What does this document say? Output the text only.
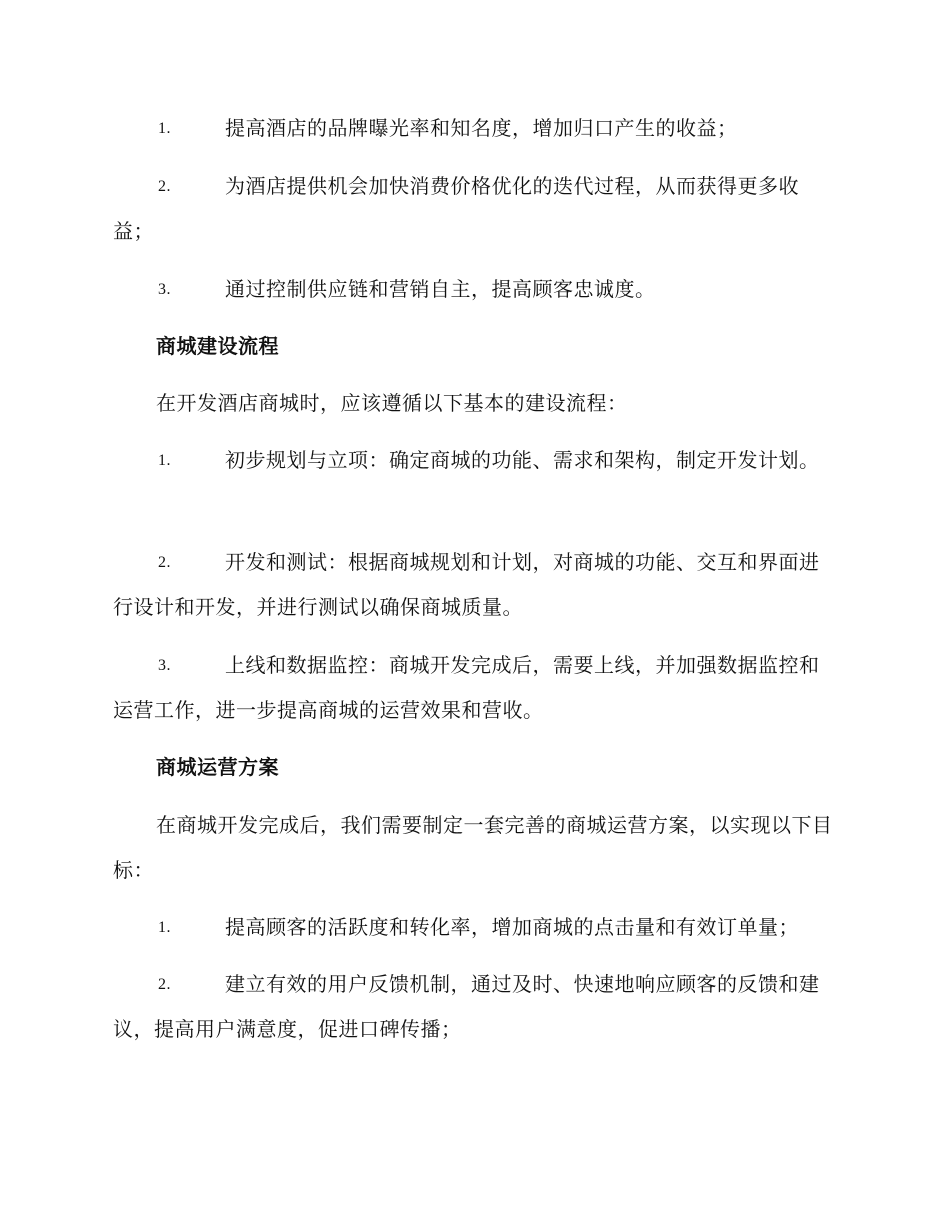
1.	提高酒店的品牌曝光率和知名度，增加归口产生的收益；
2.	为酒店提供机会加快消费价格优化的迭代过程，从而获得更多收益；
3.	通过控制供应链和营销自主，提高顾客忠诚度。
商城建设流程
在开发酒店商城时，应该遵循以下基本的建设流程：
1.	初步规划与立项：确定商城的功能、需求和架构，制定开发计划。
2.	开发和测试：根据商城规划和计划，对商城的功能、交互和界面进行设计和开发，并进行测试以确保商城质量。
3.	上线和数据监控：商城开发完成后，需要上线，并加强数据监控和运营工作，进一步提高商城的运营效果和营收。
商城运营方案
在商城开发完成后，我们需要制定一套完善的商城运营方案，以实现以下目标：
1.	提高顾客的活跃度和转化率，增加商城的点击量和有效订单量；
2.	建立有效的用户反馈机制，通过及时、快速地响应顾客的反馈和建议，提高用户满意度，促进口碑传播；
